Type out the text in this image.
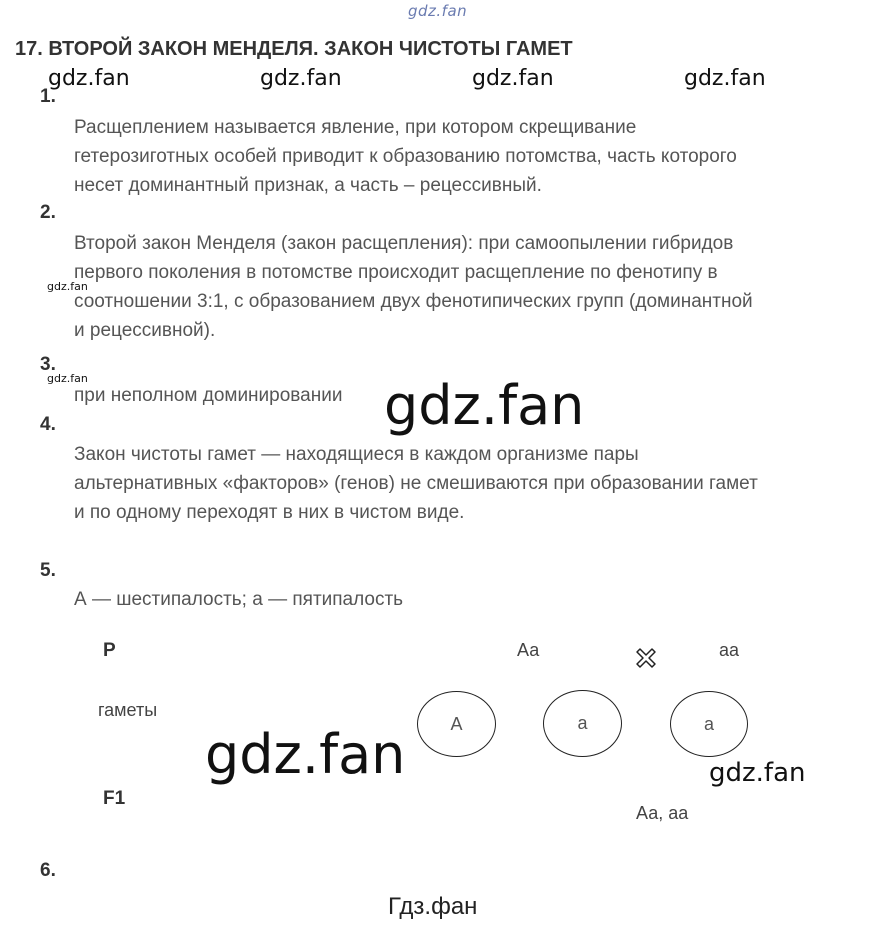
gdz.fan
gdz.fan	gdz.fan	gdz.fan	gdz.fan
17. ВТОРОЙ ЗАКОН МЕНДЕЛЯ. ЗАКОН ЧИСТОТЫ ГАМЕТ
1.
Расщеплением называется явление, при котором скрещивание
гетерозиготных особей приводит к образованию потомства, часть которого
несет доминантный признак, а часть – рецессивный.
2.
Второй закон Менделя (закон расщепления): при самоопылении гибридов
первого поколения в потомстве происходит расщепление по фенотипу в
соотношении 3:1, с образованием двух фенотипических групп (доминантной
и рецессивной).
gdz.fan
3.
gdz.fan
при неполном доминировании gdz.fan
4.
Закон чистоты гамет — находящиеся в каждом организме пары
альтернативных «факторов» (генов) не смешиваются при образовании гамет
и по одному переходят в них в чистом виде.
5.
А — шестипалость; а — пятипалость
Р	Аа	аа
гаметы
А	а	а
F1
Аа, аа
gdz.fan	gdz.fan
6.
Гдз.фан
